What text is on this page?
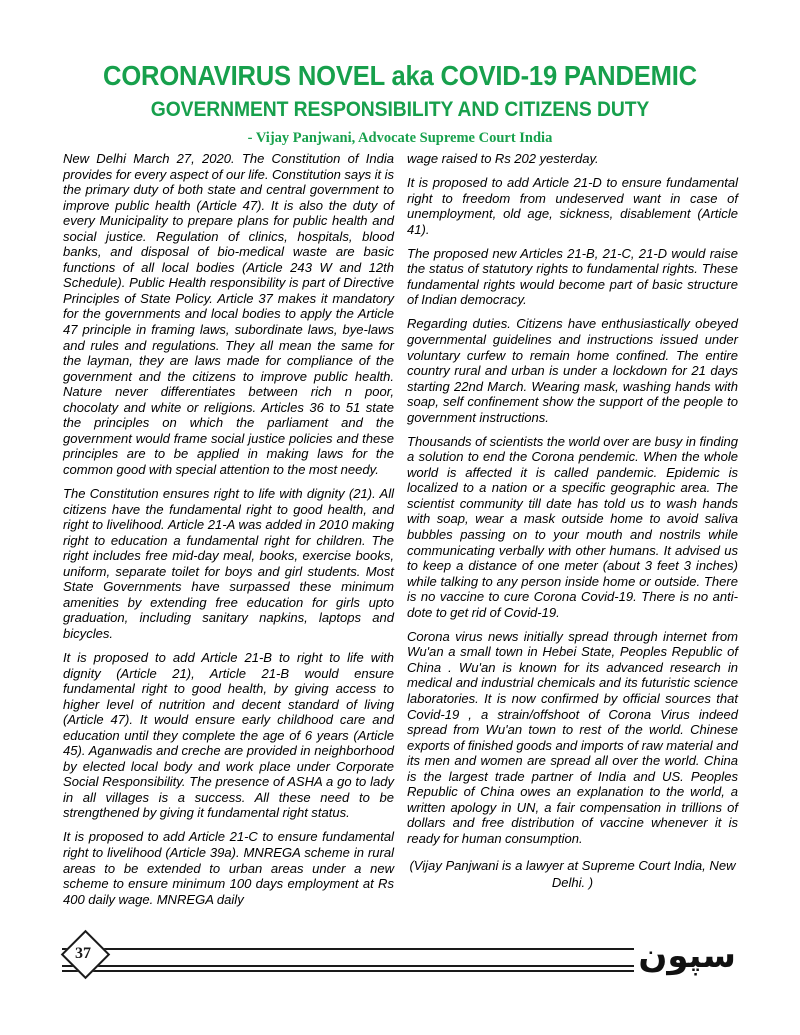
CORONAVIRUS NOVEL aka COVID-19 PANDEMIC
GOVERNMENT RESPONSIBILITY AND CITIZENS DUTY
- Vijay Panjwani, Advocate Supreme Court India

New Delhi March 27, 2020. The Constitution of India provides for every aspect of our life. Constitution says it is the primary duty of both state and central government to improve public health (Article 47). It is also the duty of every Municipality to prepare plans for public health and social justice. Regulation of clinics, hospitals, blood banks, and disposal of bio-medical waste are basic functions of all local bodies (Article 243 W and 12th Schedule). Public Health responsibility is part of Directive Principles of State Policy. Article 37 makes it mandatory for the governments and local bodies to apply the Article 47 principle in framing laws, subordinate laws, bye-laws and rules and regulations. They all mean the same for the layman, they are laws made for compliance of the government and the citizens to improve public health. Nature never differentiates between rich n poor, chocolaty and white or religions. Articles 36 to 51 state the principles on which the parliament and the government would frame social justice policies and these principles are to be applied in making laws for the common good with special attention to the most needy.

The Constitution ensures right to life with dignity (21). All citizens have the fundamental right to good health, and right to livelihood. Article 21-A was added in 2010 making right to education a fundamental right for children. The right includes free mid-day meal, books, exercise books, uniform, separate toilet for boys and girl students. Most State Governments have surpassed these minimum amenities by extending free education for girls upto graduation, including sanitary napkins, laptops and bicycles.

It is proposed to add Article 21-B to right to life with dignity (Article 21), Article 21-B would ensure fundamental right to good health, by giving access to higher level of nutrition and decent standard of living (Article 47). It would ensure early childhood care and education until they complete the age of 6 years (Article 45). Aganwadis and creche are provided in neighborhood by elected local body and work place under Corporate Social Responsibility. The presence of ASHA a go to lady in all villages is a success. All these need to be strengthened by giving it fundamental right status.

It is proposed to add Article 21-C to ensure fundamental right to livelihood (Article 39a). MNREGA scheme in rural areas to be extended to urban areas under a new scheme to ensure minimum 100 days employment at Rs 400 daily wage. MNREGA daily

wage raised to Rs 202 yesterday.

It is proposed to add Article 21-D to ensure fundamental right to freedom from undeserved want in case of unemployment, old age, sickness, disablement (Article 41).

The proposed new Articles 21-B, 21-C, 21-D would raise the status of statutory rights to fundamental rights. These fundamental rights would become part of basic structure of Indian democracy.

Regarding duties. Citizens have enthusiastically obeyed governmental guidelines and instructions issued under voluntary curfew to remain home confined. The entire country rural and urban is under a lockdown for 21 days starting 22nd March. Wearing mask, washing hands with soap, self confinement show the support of the people to government instructions.

Thousands of scientists the world over are busy in finding a solution to end the Corona pendemic. When the whole world is affected it is called pandemic. Epidemic is localized to a nation or a specific geographic area. The scientist community till date has told us to wash hands with soap, wear a mask outside home to avoid saliva bubbles passing on to your mouth and nostrils while communicating verbally with other humans. It advised us to keep a distance of one meter (about 3 feet 3 inches) while talking to any person inside home or outside. There is no vaccine to cure Corona Covid-19. There is no anti-dote to get rid of Covid-19.

Corona virus news initially spread through internet from Wu'an a small town in Hebei State, Peoples Republic of China . Wu'an is known for its advanced research in medical and industrial chemicals and its futuristic science laboratories. It is now confirmed by official sources that Covid-19 , a strain/offshoot of Corona Virus indeed spread from Wu'an town to rest of the world. Chinese exports of finished goods and imports of raw material and its men and women are spread all over the world. China is the largest trade partner of India and US. Peoples Republic of China owes an explanation to the world, a written apology in UN, a fair compensation in trillions of dollars and free distribution of vaccine whenever it is ready for human consumption.

(Vijay Panjwani is a lawyer at Supreme Court India, New Delhi. )

37	سپون
